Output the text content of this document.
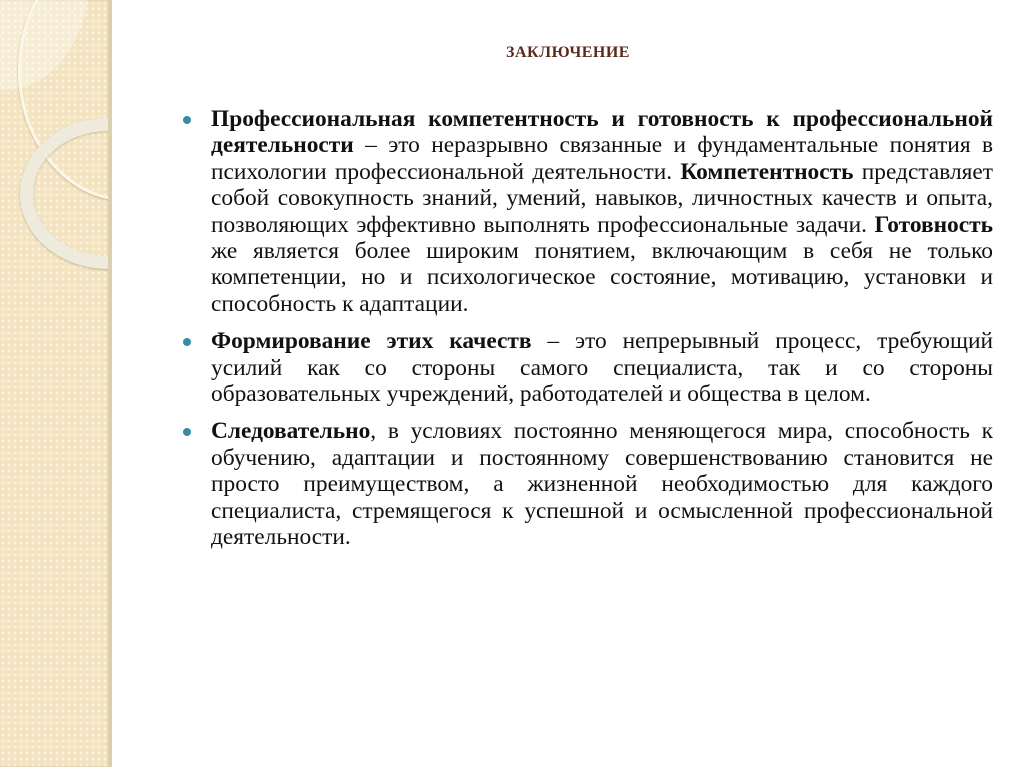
ЗАКЛЮЧЕНИЕ
Профессиональная компетентность и готовность к профессиональной деятельности – это неразрывно связанные и фундаментальные понятия в психологии профессиональной деятельности. Компетентность представляет собой совокупность знаний, умений, навыков, личностных качеств и опыта, позволяющих эффективно выполнять профессиональные задачи. Готовность же является более широким понятием, включающим в себя не только компетенции, но и психологическое состояние, мотивацию, установки и способность к адаптации.
Формирование этих качеств – это непрерывный процесс, требующий усилий как со стороны самого специалиста, так и со стороны образовательных учреждений, работодателей и общества в целом.
Следовательно, в условиях постоянно меняющегося мира, способность к обучению, адаптации и постоянному совершенствованию становится не просто преимуществом, а жизненной необходимостью для каждого специалиста, стремящегося к успешной и осмысленной профессиональной деятельности.
